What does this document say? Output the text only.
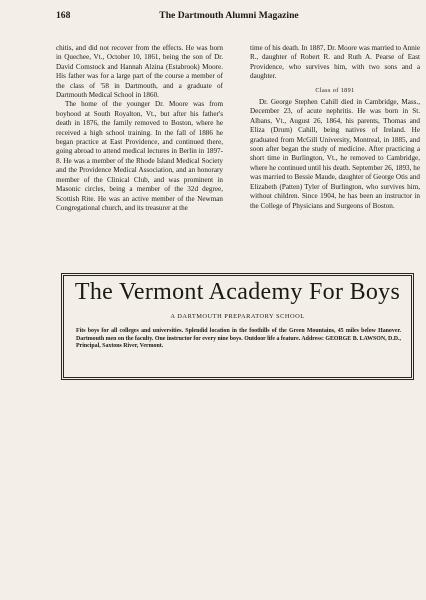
168	The Dartmouth Alumni Magazine

chitis, and did not recover from the effects. He was born in Quechee, Vt., October 10, 1861, being the son of Dr. David Comstock and Hannah Alzina (Estabrook) Moore. His father was for a large part of the course a member of the class of '58 in Dartmouth, and a graduate of Dartmouth Medical School in 1860.

The home of the younger Dr. Moore was from boyhood at South Royalton, Vt., but after his father's death in 1876, the family removed to Boston, where he received a high school training. In the fall of 1886 he began practice at East Providence, and continued there, going abroad to attend medical lectures in Berlin in 1897-8. He was a member of the Rhode Island Medical Society and the Providence Medical Association, and an honorary member of the Clinical Club, and was prominent in Masonic circles, being a member of the 32d degree, Scottish Rite. He was an active member of the Newman Congregational church, and its treasurer at the

time of his death. In 1887, Dr. Moore was married to Annie R., daughter of Robert R. and Ruth A. Pearse of East Providence, who survives him, with two sons and a daughter.

Class of 1891

Dr. George Stephen Cahill died in Cambridge, Mass., December 23, of acute nephritis. He was born in St. Albans, Vt., August 26, 1864, his parents, Thomas and Eliza (Drum) Cahill, being natives of Ireland. He graduated from McGill University, Montreal, in 1885, and soon after began the study of medicine. After practicing a short time in Burlington, Vt., he removed to Cambridge, where he continued until his death. September 26, 1893, he was married to Bessie Maude, daughter of George Otis and Elizabeth (Patten) Tyler of Burlington, who survives him, without children. Since 1904, he has been an instructor in the College of Physicians and Surgeons of Boston.

The Vermont Academy For Boys
A DARTMOUTH PREPARATORY SCHOOL
Fits boys for all colleges and universities. Splendid location in the foothills of the Green Mountains, 45 miles below Hanover. Dartmouth men on the faculty. One instructor for every nine boys. Outdoor life a feature. Address: GEORGE B. LAWSON, D.D., Principal, Saxtons River, Vermont.
